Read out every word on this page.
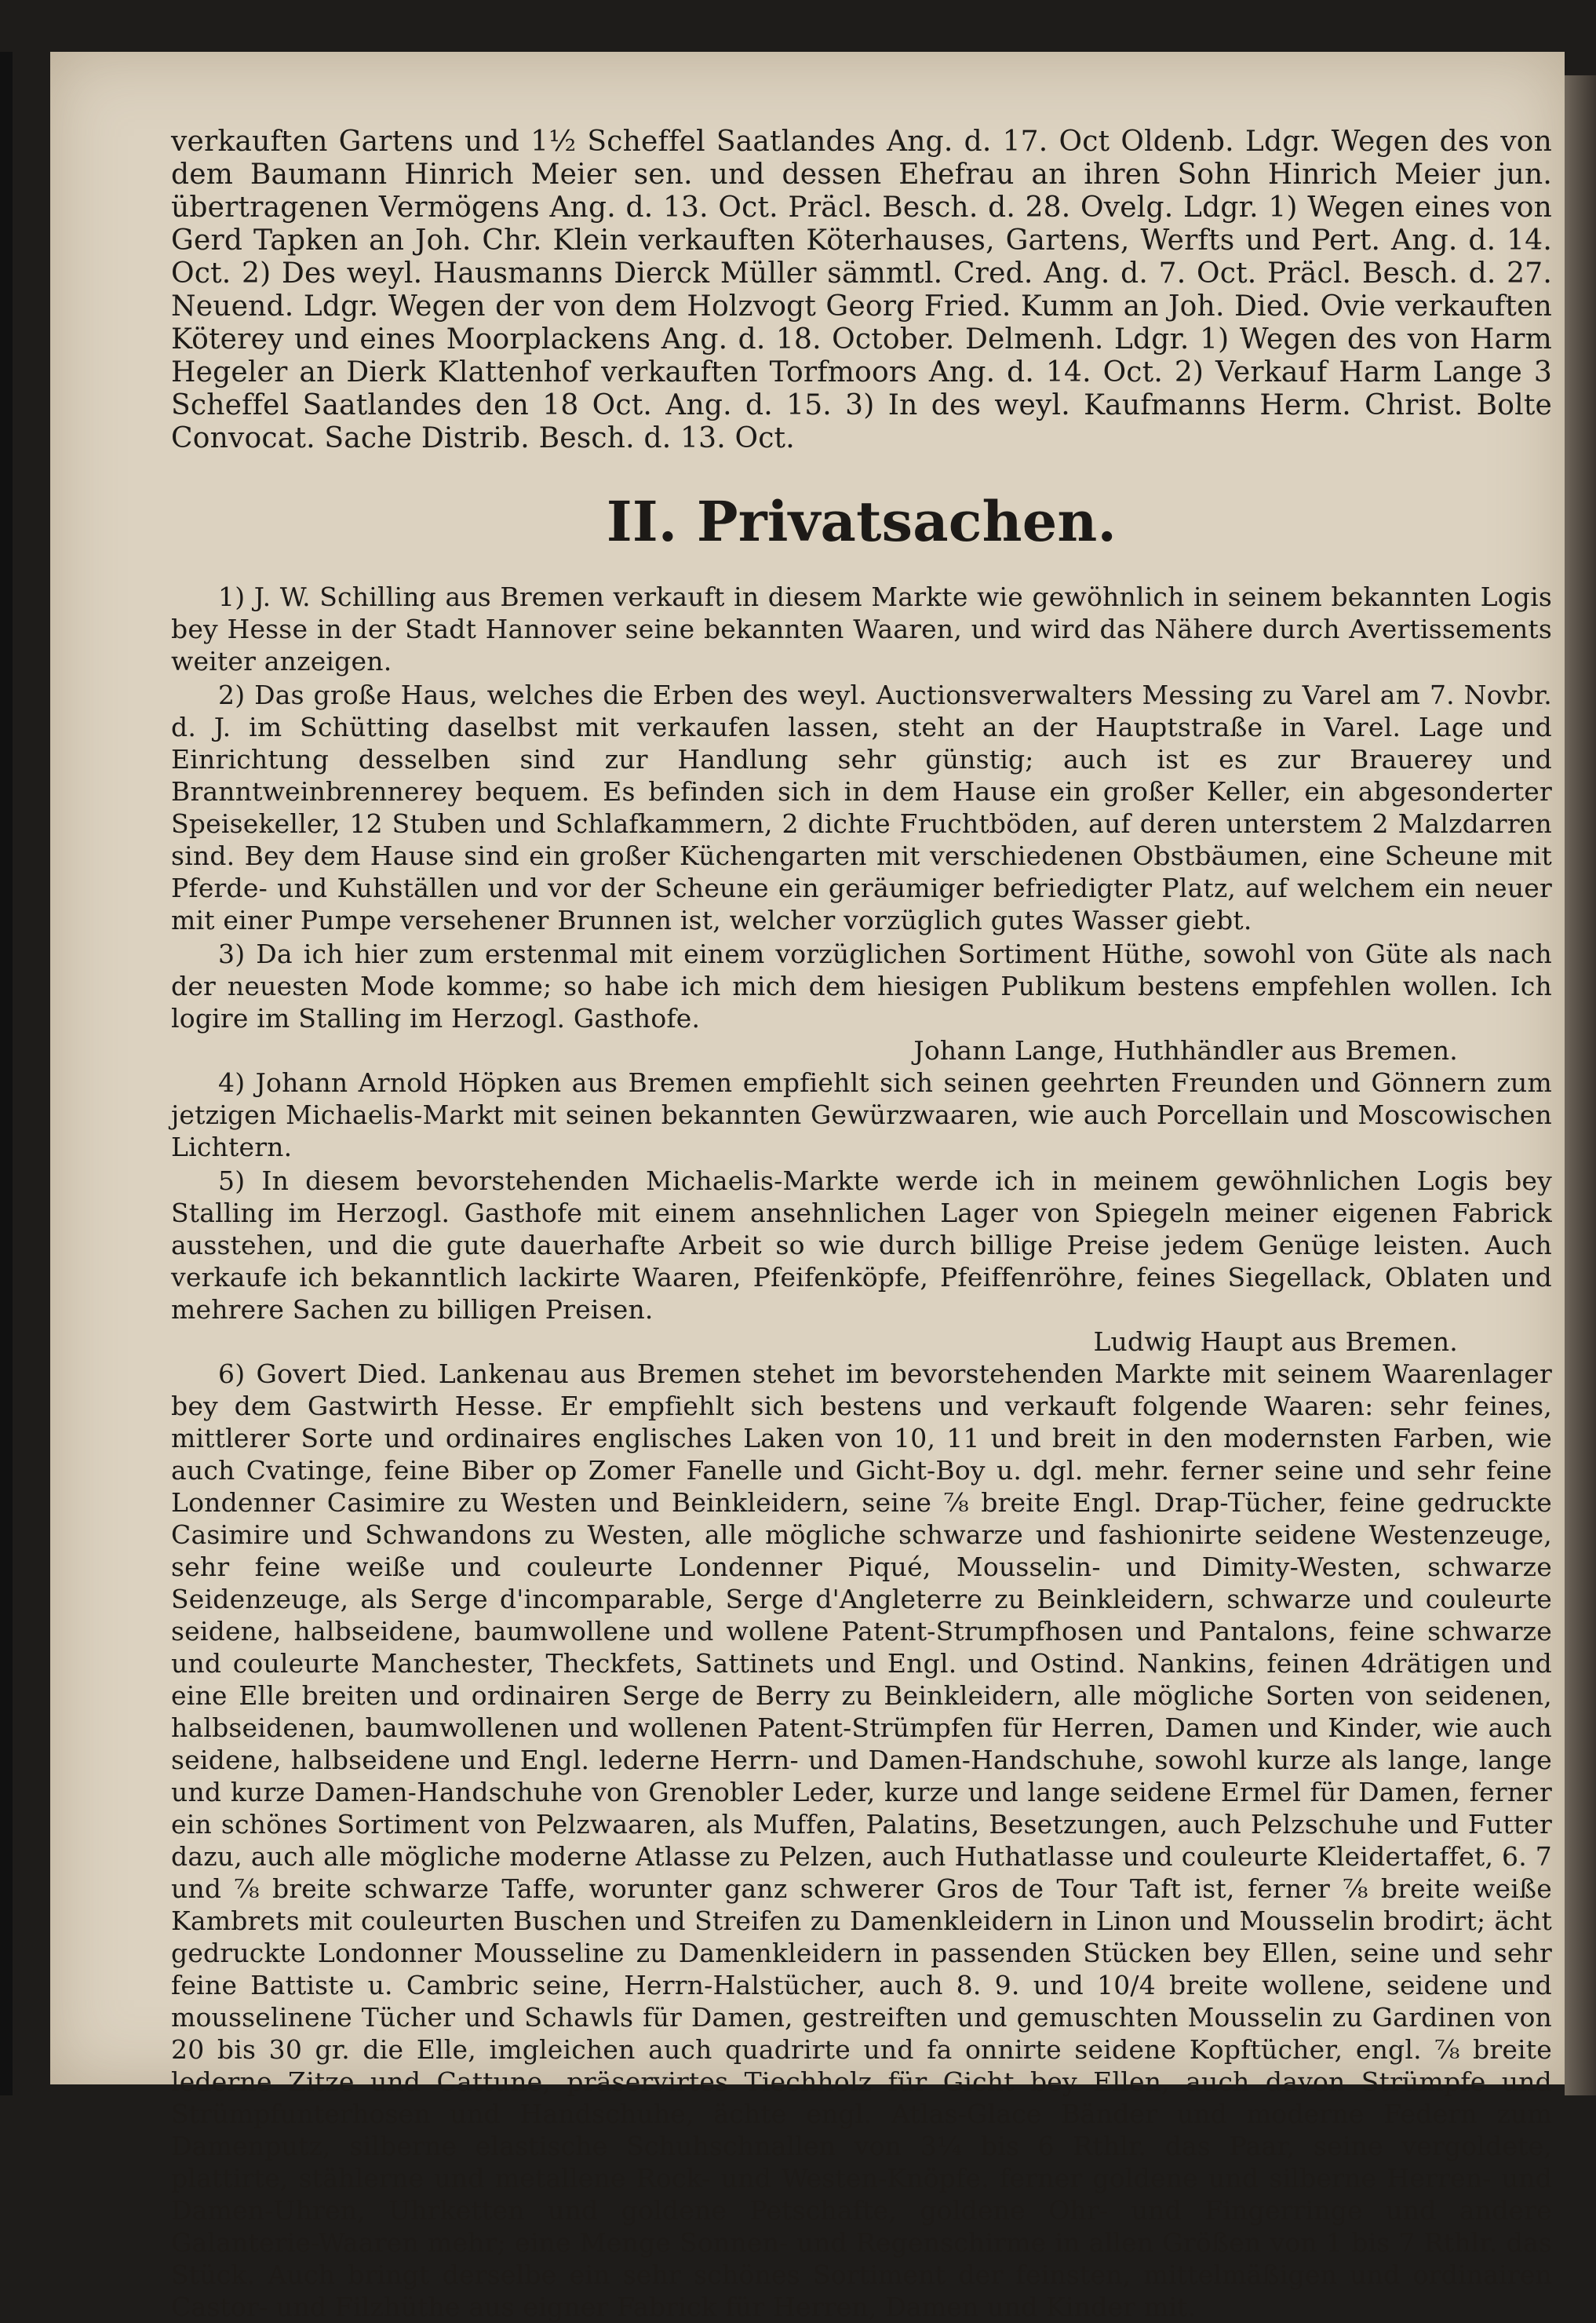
verkauften Gartens und 1½ Scheffel Saatlandes Ang. d. 17. Oct Oldenb. Ldgr. Wegen des von dem Baumann Hinrich Meier sen. und dessen Ehefrau an ihren Sohn Hinrich Meier jun. übertragenen Vermögens Ang. d. 13. Oct. Präcl. Besch. d. 28. Ovelg. Ldgr. 1) Wegen eines von Gerd Tapken an Joh. Chr. Klein verkauften Köterhauses, Gartens, Werfts und Pert. Ang. d. 14. Oct. 2) Des weyl. Hausmanns Dierck Müller sämmtl. Cred. Ang. d. 7. Oct. Präcl. Besch. d. 27. Neuend. Ldgr. Wegen der von dem Holzvogt Georg Fried. Kumm an Joh. Died. Ovie verkauften Köterey und eines Moorplackens Ang. d. 18. October. Delmenh. Ldgr. 1) Wegen des von Harm Hegeler an Dierk Klattenhof verkauften Torfmoors Ang. d. 14. Oct. 2) Verkauf Harm Lange 3 Scheffel Saatlandes den 18 Oct. Ang. d. 15. 3) In des weyl. Kaufmanns Herm. Christ. Bolte Convocat. Sache Distrib. Besch. d. 13. Oct.

II. Privatsachen.

1) J. W. Schilling aus Bremen verkauft in diesem Markte wie gewöhnlich in seinem bekannten Logis bey Hesse in der Stadt Hannover seine bekannten Waaren, und wird das Nähere durch Avertissements weiter anzeigen.

2) Das große Haus, welches die Erben des weyl. Auctionsverwalters Messing zu Varel am 7. Novbr. d. J. im Schütting daselbst mit verkaufen lassen, steht an der Hauptstraße in Varel. Lage und Einrichtung desselben sind zur Handlung sehr günstig; auch ist es zur Brauerey und Branntweinbrennerey bequem. Es befinden sich in dem Hause ein großer Keller, ein abgesonderter Speisekeller, 12 Stuben und Schlafkammern, 2 dichte Fruchtböden, auf deren unterstem 2 Malzdarren sind. Bey dem Hause sind ein großer Küchengarten mit verschiedenen Obstbäumen, eine Scheune mit Pferde- und Kuhställen und vor der Scheune ein geräumiger befriedigter Platz, auf welchem ein neuer mit einer Pumpe versehener Brunnen ist, welcher vorzüglich gutes Wasser giebt.

3) Da ich hier zum erstenmal mit einem vorzüglichen Sortiment Hüthe, sowohl von Güte als nach der neuesten Mode komme; so habe ich mich dem hiesigen Publikum bestens empfehlen wollen. Ich logire im Stalling im Herzogl. Gasthofe.

Johann Lange, Huthhändler aus Bremen.

4) Johann Arnold Höpken aus Bremen empfiehlt sich seinen geehrten Freunden und Gönnern zum jetzigen Michaelis-Markt mit seinen bekannten Gewürzwaaren, wie auch Porcellain und Moscowischen Lichtern.

5) In diesem bevorstehenden Michaelis-Markte werde ich in meinem gewöhnlichen Logis bey Stalling im Herzogl. Gasthofe mit einem ansehnlichen Lager von Spiegeln meiner eigenen Fabrick ausstehen, und die gute dauerhafte Arbeit so wie durch billige Preise jedem Genüge leisten. Auch verkaufe ich bekanntlich lackirte Waaren, Pfeifenköpfe, Pfeiffenröhre, feines Siegellack, Oblaten und mehrere Sachen zu billigen Preisen.

Ludwig Haupt aus Bremen.

6) Govert Died. Lankenau aus Bremen stehet im bevorstehenden Markte mit seinem Waarenlager bey dem Gastwirth Hesse. Er empfiehlt sich bestens und verkauft folgende Waaren: sehr feines, mittlerer Sorte und ordinaires englisches Laken von 10, 11 und breit in den modernsten Farben, wie auch Cvatinge, feine Biber op Zomer Fanelle und Gicht-Boy u. dgl. mehr. ferner seine und sehr feine Londenner Casimire zu Westen und Beinkleidern, seine ⅞ breite Engl. Drap-Tücher, feine gedruckte Casimire und Schwandons zu Westen, alle mögliche schwarze und fashionirte seidene Westenzeuge, sehr feine weiße und couleurte Londenner Piqué, Mousselin- und Dimity-Westen, schwarze Seidenzeuge, als Serge d'incomparable, Serge d'Angleterre zu Beinkleidern, schwarze und couleurte seidene, halbseidene, baumwollene und wollene Patent-Strumpfhosen und Pantalons, feine schwarze und couleurte Manchester, Theckfets, Sattinets und Engl. und Ostind. Nankins, feinen 4drätigen und eine Elle breiten und ordinairen Serge de Berry zu Beinkleidern, alle mögliche Sorten von seidenen, halbseidenen, baumwollenen und wollenen Patent-Strümpfen für Herren, Damen und Kinder, wie auch seidene, halbseidene und Engl. lederne Herrn- und Damen-Handschuhe, sowohl kurze als lange, lange und kurze Damen-Handschuhe von Grenobler Leder, kurze und lange seidene Ermel für Damen, ferner ein schönes Sortiment von Pelzwaaren, als Muffen, Palatins, Besetzungen, auch Pelzschuhe und Futter dazu, auch alle mögliche moderne Atlasse zu Pelzen, auch Huthatlasse und couleurte Kleidertaffet, 6. 7 und ⅞ breite schwarze Taffe, worunter ganz schwerer Gros de Tour Taft ist, ferner ⅞ breite weiße Kambrets mit couleurten Buschen und Streifen zu Damenkleidern in Linon und Mousselin brodirt; ächt gedruckte Londonner Mousseline zu Damenkleidern in passenden Stücken bey Ellen, seine und sehr feine Battiste u. Cambric seine, Herrn-Halstücher, auch 8. 9. und 10/4 breite wollene, seidene und mousselinene Tücher und Schawls für Damen, gestreiften und gemuschten Mousselin zu Gardinen von 20 bis 30 gr. die Elle, imgleichen auch quadrirte und fa onnirte seidene Kopftücher, engl. ⅞ breite lederne Zitze und Cattune, präservirtes Tiechholz für Gicht bey Ellen, auch davon Strümpfe und Strümpfunterhosen und Handschuhe, ächte engl. Atlas-Glace Bänder und moderne Federn zum Damenputz, silberne elastische Schuhschnallen von 3¼ bis 6 Rthlr. das Paar, seine vergoldete, plattirte, stählerne und metallene Rock- und Westen-Knöpfe. ferner goldene und silberne Herren- und Damen-Uhren, Uhrketten und goldene Petschafte, goldene Ohr- und Fingerringe und andere Galanterie-Waaren mehr; eine Menge Sonnen- und Regenschirme in allen Größen von 1 bis 7 Rthlr. das Stück. Auch bringt derselbe ein sehr schönes Sortiment der feinsten, mittelmäßigen und ordinairen Castor- und Filzhüthe aus eigner Fabrick für Herren, Damen und Kinder mit.
